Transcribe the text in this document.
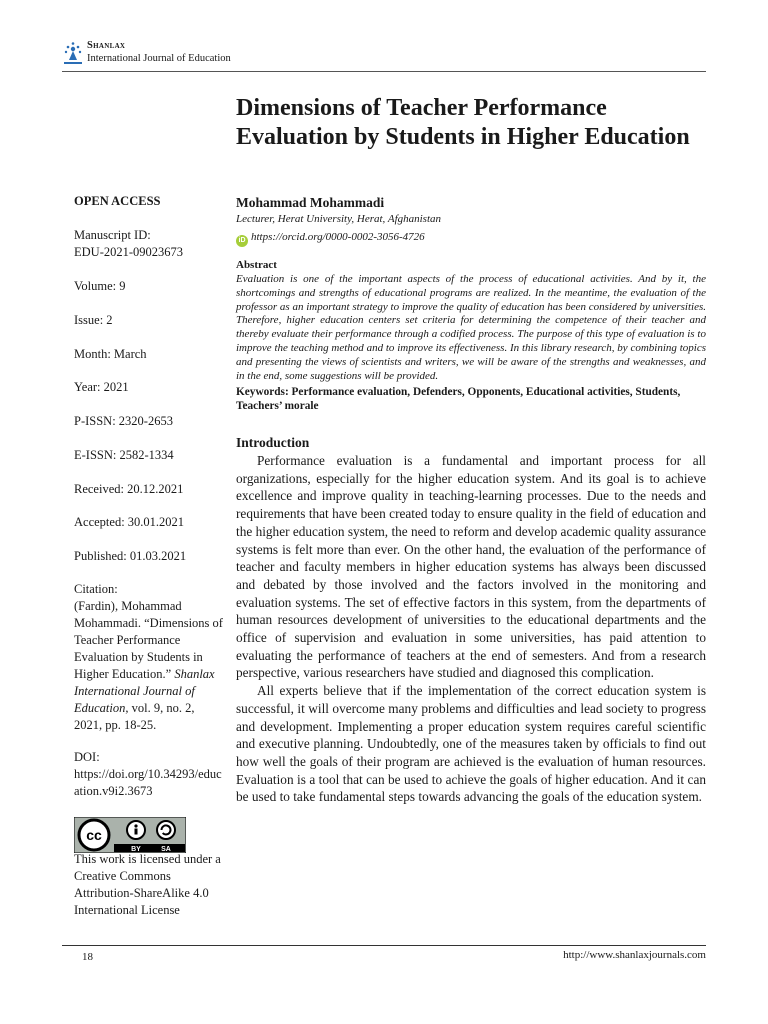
Shanlax
International Journal of Education
Dimensions of Teacher Performance Evaluation by Students in Higher Education
OPEN ACCESS
Manuscript ID:
EDU-2021-09023673
Volume: 9
Issue: 2
Month: March
Year: 2021
P-ISSN: 2320-2653
E-ISSN: 2582-1334
Received: 20.12.2021
Accepted: 30.01.2021
Published: 01.03.2021
Citation:
(Fardin), Mohammad Mohammadi. “Dimensions of Teacher Performance Evaluation by Students in Higher Education.” Shanlax International Journal of Education, vol. 9, no. 2, 2021, pp. 18-25.
DOI:
https://doi.org/10.34293/education.v9i2.3673
cc
BY	SA
This work is licensed under a Creative Commons Attribution-ShareAlike 4.0 International License
Mohammad Mohammadi
Lecturer, Herat University, Herat, Afghanistan
iD https://orcid.org/0000-0002-3056-4726
Abstract

Evaluation is one of the important aspects of the process of educational activities. And by it, the shortcomings and strengths of educational programs are realized. In the meantime, the evaluation of the professor as an important strategy to improve the quality of education has been considered by universities. Therefore, higher education centers set criteria for determining the competence of their teacher and thereby evaluate their performance through a codified process. The purpose of this type of evaluation is to improve the teaching method and to improve its effectiveness. In this library research, by combining topics and presenting the views of scientists and writers, we will be aware of the strengths and weaknesses, and in the end, some suggestions will be provided.

Keywords: Performance evaluation, Defenders, Opponents, Educational activities, Students, Teachers’ morale

Introduction

Performance evaluation is a fundamental and important process for all organizations, especially for the higher education system. And its goal is to achieve excellence and improve quality in teaching-learning processes. Due to the needs and requirements that have been created today to ensure quality in the field of education and the higher education system, the need to reform and develop academic quality assurance systems is felt more than ever. On the other hand, the evaluation of the performance of teacher and faculty members in higher education systems has always been discussed and debated by those involved and the factors involved in the monitoring and evaluation systems. The set of effective factors in this system, from the departments of human resources development of universities to the educational departments and the office of supervision and evaluation in some universities, has paid attention to evaluating the performance of teachers at the end of semesters. And from a research perspective, various researchers have studied and diagnosed this complication.

All experts believe that if the implementation of the correct education system is successful, it will overcome many problems and difficulties and lead society to progress and development. Implementing a proper education system requires careful scientific and executive planning. Undoubtedly, one of the measures taken by officials to find out how well the goals of their program are achieved is the evaluation of human resources. Evaluation is a tool that can be used to achieve the goals of higher education. And it can be used to take fundamental steps towards advancing the goals of the education system.

18	http://www.shanlaxjournals.com
